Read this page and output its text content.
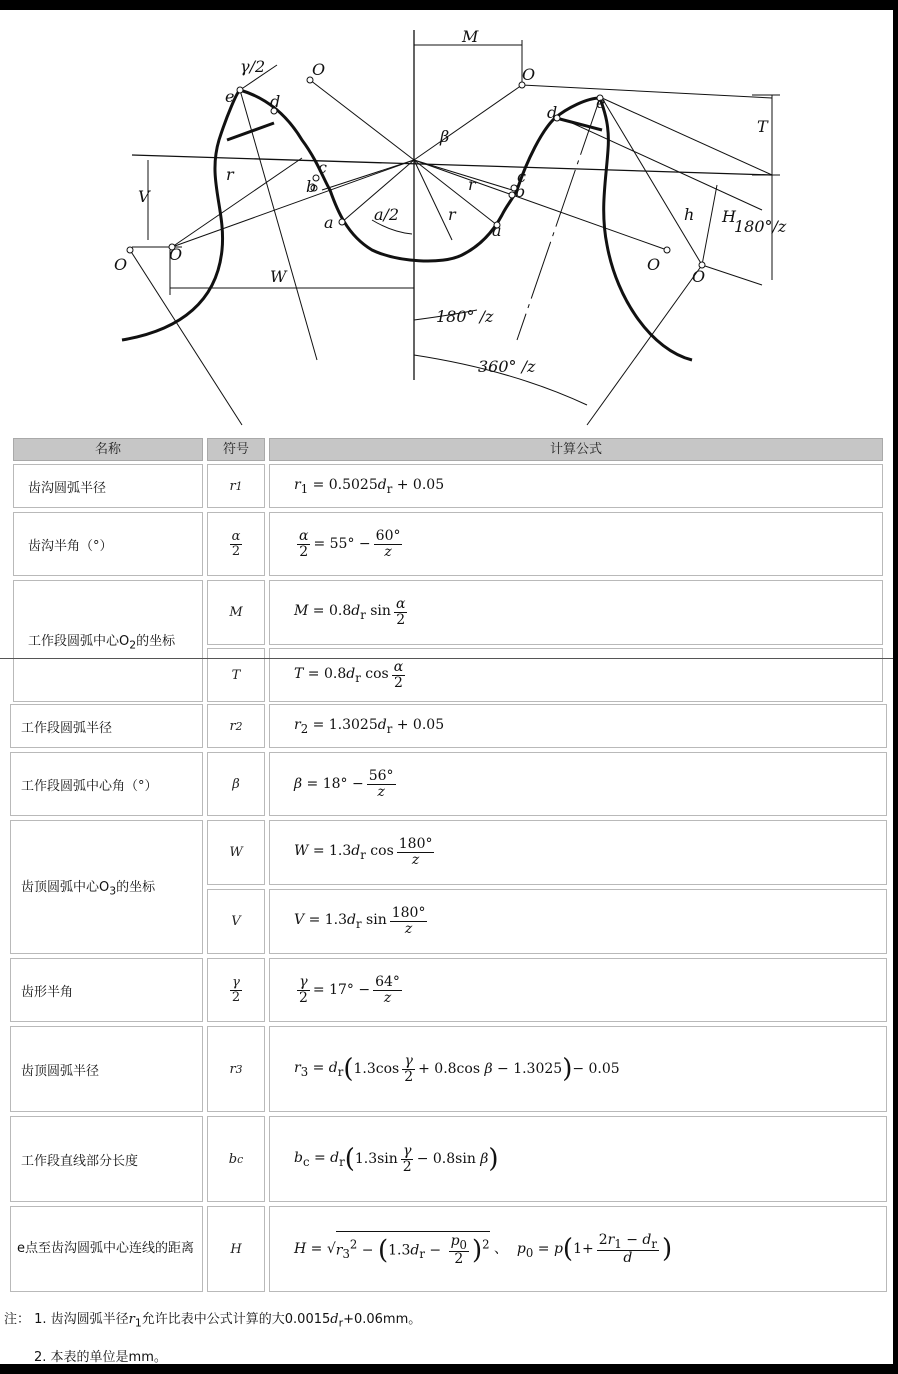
M
T
V
W
H
h
O
O
O	O
O
O
e	e
d
d
c	c
b	b
a	a
r
r
r
β
γ/2
a/2
180° /z
180°/z
360° /z
名称	符号	计算公式
齿沟圆弧半径	r 1	$r_1 = 0.5025d_r + 0.05$
齿沟半角（°）	$\frac{\alpha}{2}$	$\frac{\alpha}{2} = 55^\circ - \frac{60^\circ}{z}$
工作段圆弧中心$O_2$的坐标
M	$M = 0.8d_r$ $\sin \frac{\alpha}{2}$
T	$T = 0.8d_r$ $\cos \frac{\alpha}{2}$
工作段圆弧半径	r 2	$r_2 = 1.3025d_r + 0.05$
工作段圆弧中心角（°）	β	$\beta = 18^\circ - \frac{56^\circ}{z}$
齿顶圆弧中心$O_3$的坐标
W	$W = 1.3d_r$ $\cos \frac{180^\circ}{z}$
V	$V = 1.3d_r$ $\sin \frac{180^\circ}{z}$
齿形半角	$\frac{\gamma}{2}$	$\frac{\gamma}{2} = 17^\circ - \frac{64^\circ}{z}$
齿顶圆弧半径	r 3	$r_3 = d_r$ ( $1.3\cos \frac{\gamma}{2} + 0.8\cos$ β − 1.3025 ) − 0.05
工作段直线部分长度	b c	$b_c = d_r$ ( $1.3\sin \frac{\gamma}{2} - 0.8\sin$ β )
e点至齿沟圆弧中心连线的距离	H	H = √ $r_3^2 - (1.3d_r - \frac{p_0}{2} )^2$ 、  $p_0 = p$ ( $1+ \frac{2r_1 - d_r}{d}$ )
注： 1. 齿沟圆弧半径$r_1$允许比表中公式计算的大$0.0015d_r+0.06mm$。
2. 本表的单位是mm。
